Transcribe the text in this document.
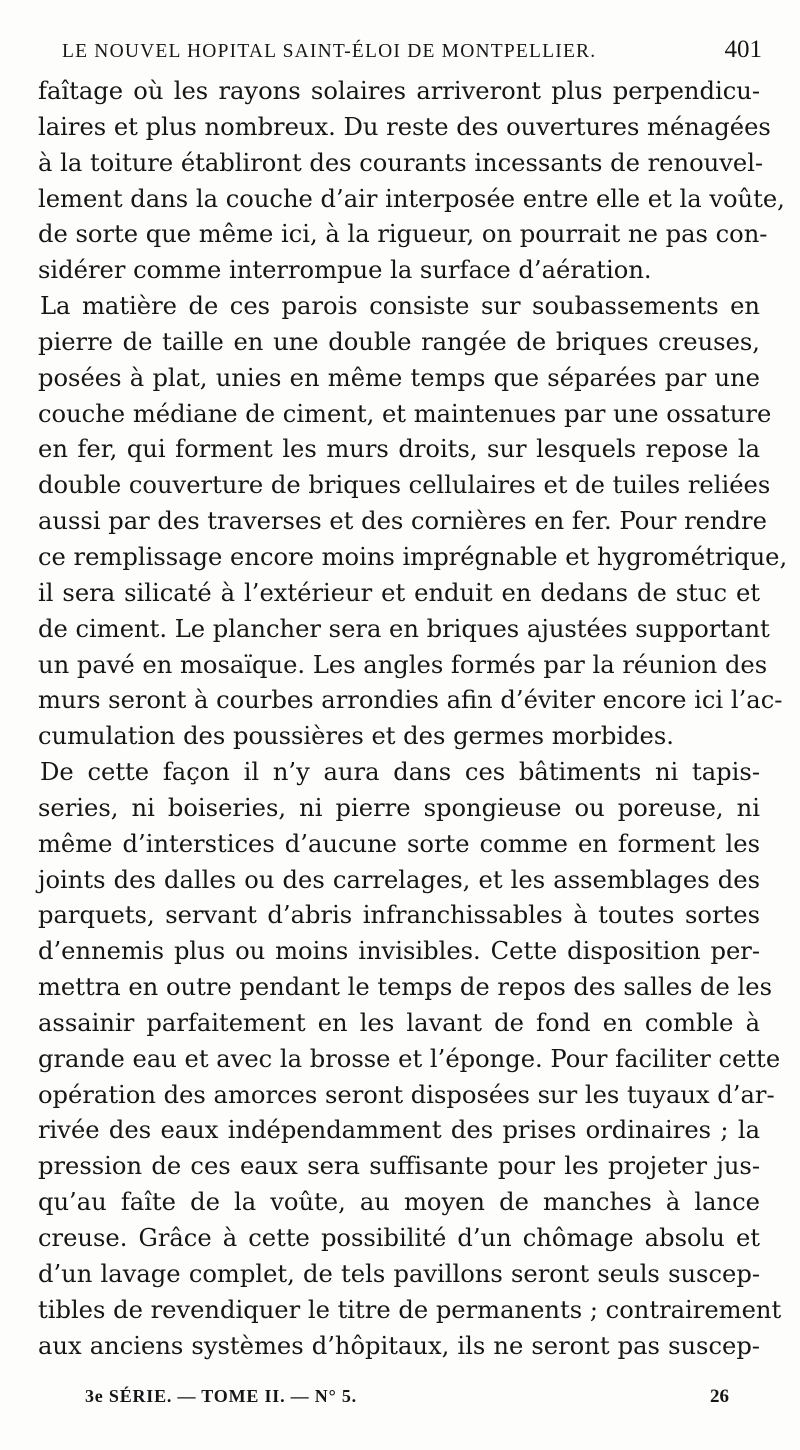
LE NOUVEL HOPITAL SAINT-ÉLOI DE MONTPELLIER.	401
faîtage où les rayons solaires arriveront plus perpendicu-
laires et plus nombreux. Du reste des ouvertures ménagées
à la toiture établiront des courants incessants de renouvel-
lement dans la couche d’air interposée entre elle et la voûte,
de sorte que même ici, à la rigueur, on pourrait ne pas con-
sidérer comme interrompue la surface d’aération.
La matière de ces parois consiste sur soubassements en
pierre de taille en une double rangée de briques creuses,
posées à plat, unies en même temps que séparées par une
couche médiane de ciment, et maintenues par une ossature
en fer, qui forment les murs droits, sur lesquels repose la
double couverture de briques cellulaires et de tuiles reliées
aussi par des traverses et des cornières en fer. Pour rendre
ce remplissage encore moins imprégnable et hygrométrique,
il sera silicaté à l’extérieur et enduit en dedans de stuc et
de ciment. Le plancher sera en briques ajustées supportant
un pavé en mosaïque. Les angles formés par la réunion des
murs seront à courbes arrondies afin d’éviter encore ici l’ac-
cumulation des poussières et des germes morbides.
De cette façon il n’y aura dans ces bâtiments ni tapis-
series, ni boiseries, ni pierre spongieuse ou poreuse, ni
même d’interstices d’aucune sorte comme en forment les
joints des dalles ou des carrelages, et les assemblages des
parquets, servant d’abris infranchissables à toutes sortes
d’ennemis plus ou moins invisibles. Cette disposition per-
mettra en outre pendant le temps de repos des salles de les
assainir parfaitement en les lavant de fond en comble à
grande eau et avec la brosse et l’éponge. Pour faciliter cette
opération des amorces seront disposées sur les tuyaux d’ar-
rivée des eaux indépendamment des prises ordinaires ; la
pression de ces eaux sera suffisante pour les projeter jus-
qu’au faîte de la voûte, au moyen de manches à lance
creuse. Grâce à cette possibilité d’un chômage absolu et
d’un lavage complet, de tels pavillons seront seuls suscep-
tibles de revendiquer le titre de permanents ; contrairement
aux anciens systèmes d’hôpitaux, ils ne seront pas suscep-
3e SÉRIE. — TOME II. — N° 5.	26
